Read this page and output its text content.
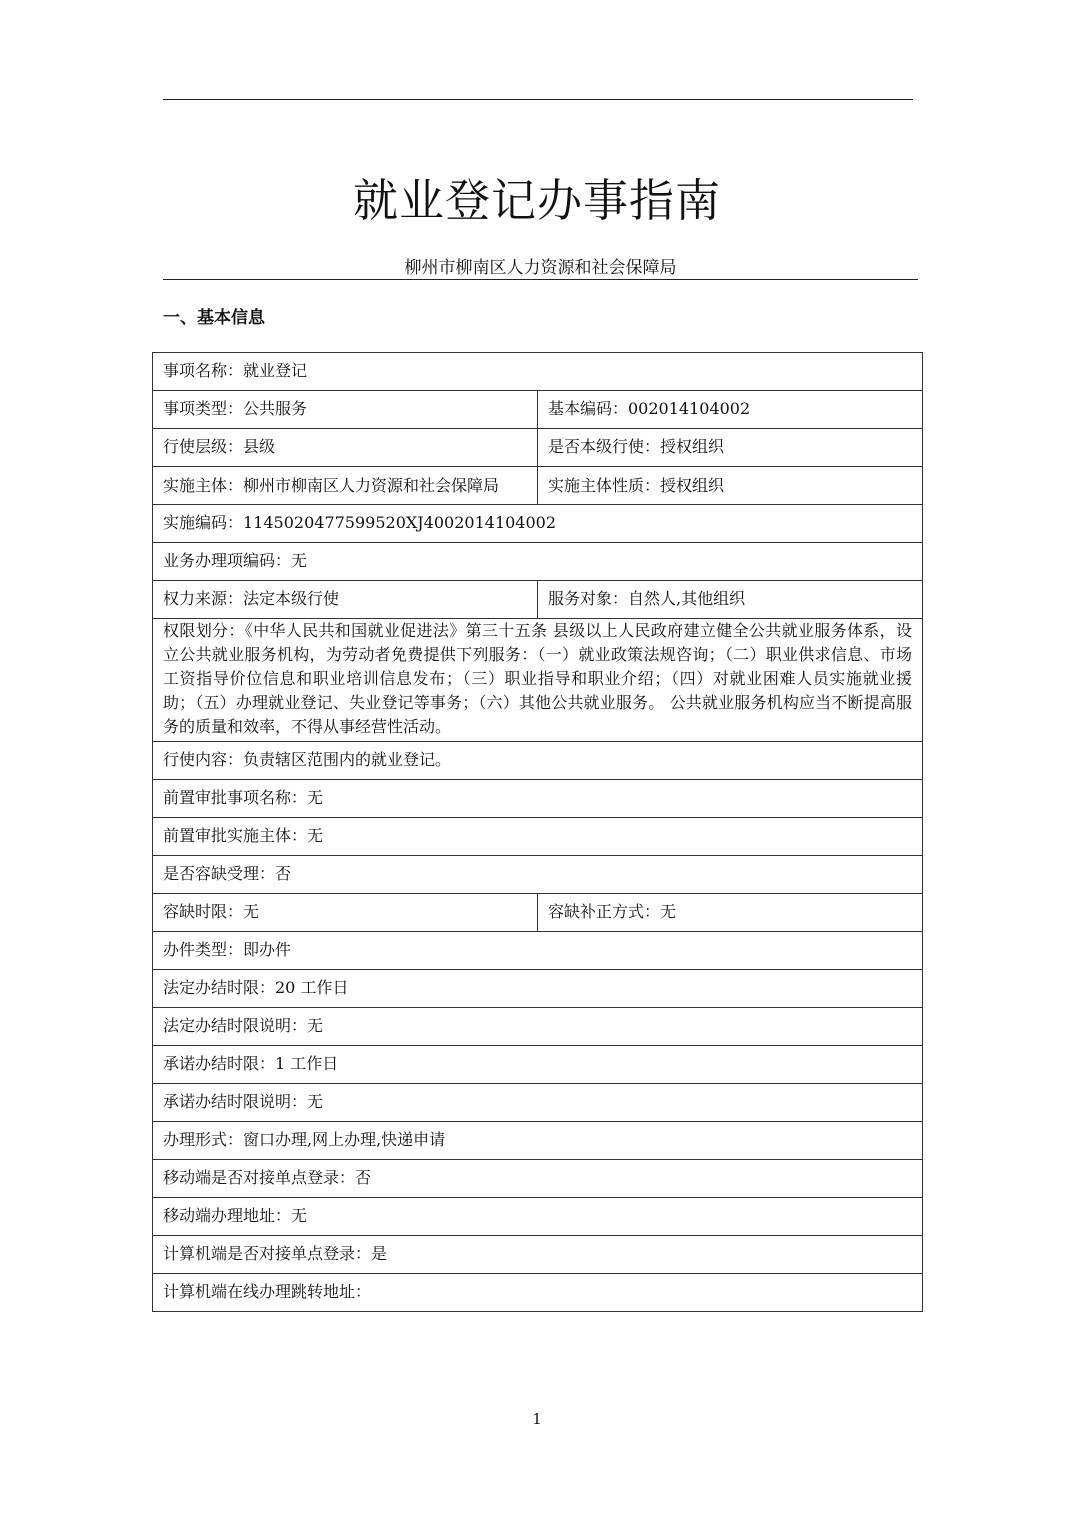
就业登记办事指南
柳州市柳南区人力资源和社会保障局
一、基本信息
事项名称：就业登记	
事项类型：公共服务	基本编码：002014104002
行使层级：县级	是否本级行使：授权组织
实施主体：柳州市柳南区人力资源和社会保障局	实施主体性质：授权组织
实施编码：1145020477599520XJ4002014104002	
业务办理项编码：无	
权力来源：法定本级行使	服务对象：自然人,其他组织
权限划分：《中华人民共和国就业促进法》第三十五条 县级以上人民政府建立健全公共就业服务体系，设立公共就业服务机构，为劳动者免费提供下列服务：（一）就业政策法规咨询；（二）职业供求信息、市场工资指导价位信息和职业培训信息发布；（三）职业指导和职业介绍；（四）对就业困难人员实施就业援助；（五）办理就业登记、失业登记等事务；（六）其他公共就业服务。 公共就业服务机构应当不断提高服务的质量和效率，不得从事经营性活动。	
行使内容：负责辖区范围内的就业登记。	
前置审批事项名称：无	
前置审批实施主体：无	
是否容缺受理：否	
容缺时限：无	容缺补正方式：无
办件类型：即办件	
法定办结时限：20 工作日	
法定办结时限说明：无	
承诺办结时限：1 工作日	
承诺办结时限说明：无	
办理形式：窗口办理,网上办理,快递申请	
移动端是否对接单点登录：否	
移动端办理地址：无	
计算机端是否对接单点登录：是	
计算机端在线办理跳转地址：	
1
